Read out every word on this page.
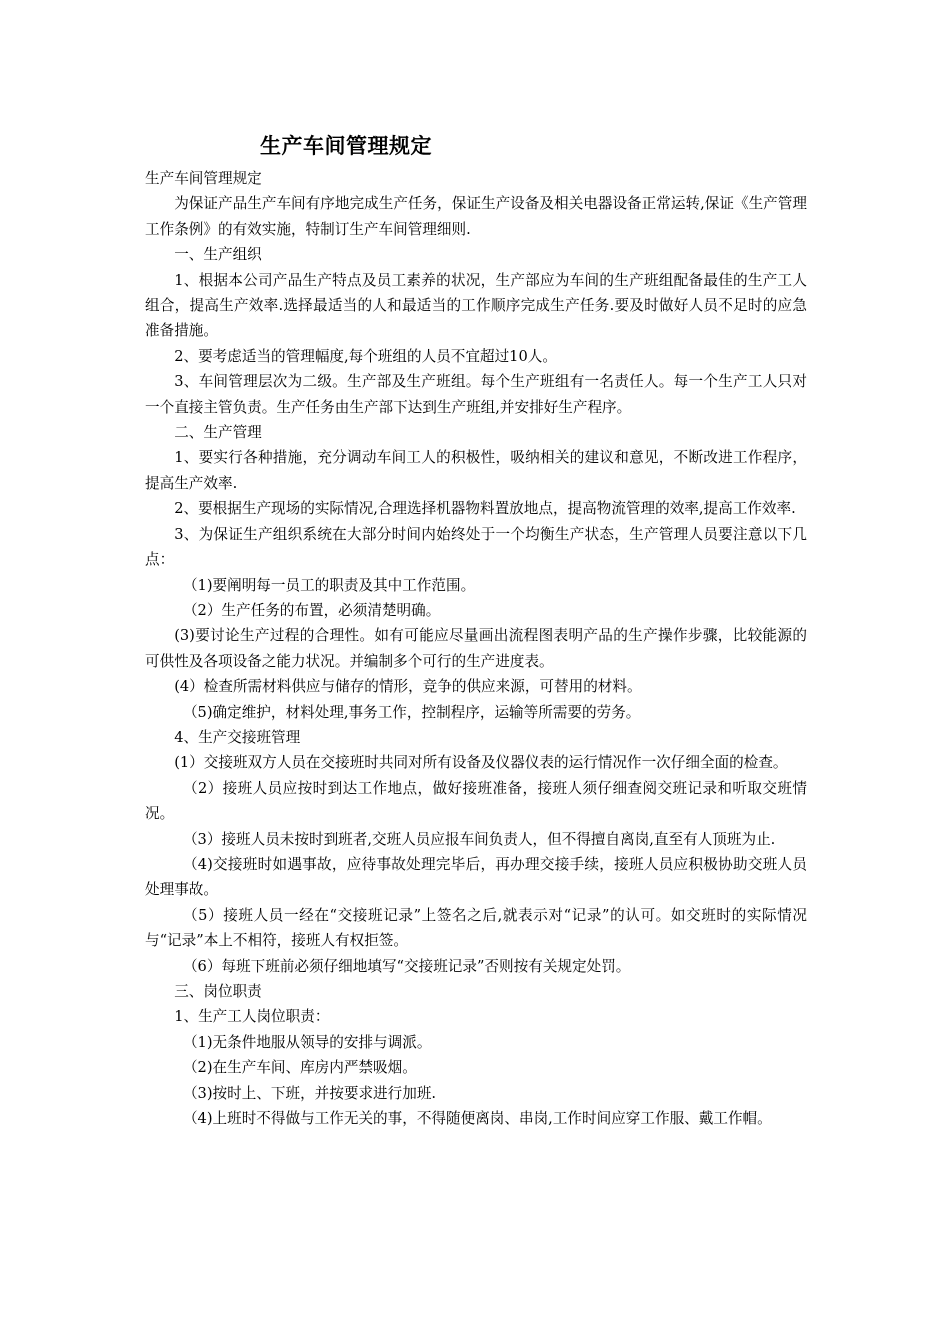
生产车间管理规定

生产车间管理规定

为保证产品生产车间有序地完成生产任务，保证生产设备及相关电器设备正常运转,保证《生产管理工作条例》的有效实施，特制订生产车间管理细则.

一、生产组织

1、根据本公司产品生产特点及员工素养的状况，生产部应为车间的生产班组配备最佳的生产工人组合，提高生产效率.选择最适当的人和最适当的工作顺序完成生产任务.要及时做好人员不足时的应急准备措施。

2、要考虑适当的管理幅度,每个班组的人员不宜超过10人。

3、车间管理层次为二级。生产部及生产班组。每个生产班组有一名责任人。每一个生产工人只对一个直接主管负责。生产任务由生产部下达到生产班组,并安排好生产程序。

二、生产管理

1、要实行各种措施，充分调动车间工人的积极性，吸纳相关的建议和意见，不断改进工作程序，提高生产效率.

2、要根据生产现场的实际情况,合理选择机器物料置放地点，提高物流管理的效率,提高工作效率.

3、为保证生产组织系统在大部分时间内始终处于一个均衡生产状态，生产管理人员要注意以下几点：

（1)要阐明每一员工的职责及其中工作范围。

（2）生产任务的布置，必须清楚明确。

(3)要讨论生产过程的合理性。如有可能应尽量画出流程图表明产品的生产操作步骤，比较能源的可供性及各项设备之能力状况。并编制多个可行的生产进度表。

(4）检查所需材料供应与储存的情形，竞争的供应来源，可替用的材料。

（5)确定维护，材料处理,事务工作，控制程序，运输等所需要的劳务。

4、生产交接班管理

(1）交接班双方人员在交接班时共同对所有设备及仪器仪表的运行情况作一次仔细全面的检查。

（2）接班人员应按时到达工作地点，做好接班准备，接班人须仔细查阅交班记录和听取交班情况。

（3）接班人员未按时到班者,交班人员应报车间负责人，但不得擅自离岗,直至有人顶班为止.

（4)交接班时如遇事故，应待事故处理完毕后，再办理交接手续，接班人员应积极协助交班人员处理事故。

（5）接班人员一经在“交接班记录”上签名之后,就表示对“记录”的认可。如交班时的实际情况与“记录”本上不相符，接班人有权拒签。

（6）每班下班前必须仔细地填写“交接班记录”否则按有关规定处罚。

三、岗位职责

1、生产工人岗位职责：

（1)无条件地服从领导的安排与调派。

（2)在生产车间、库房内严禁吸烟。

（3)按时上、下班，并按要求进行加班.

（4)上班时不得做与工作无关的事，不得随便离岗、串岗,工作时间应穿工作服、戴工作帽。
